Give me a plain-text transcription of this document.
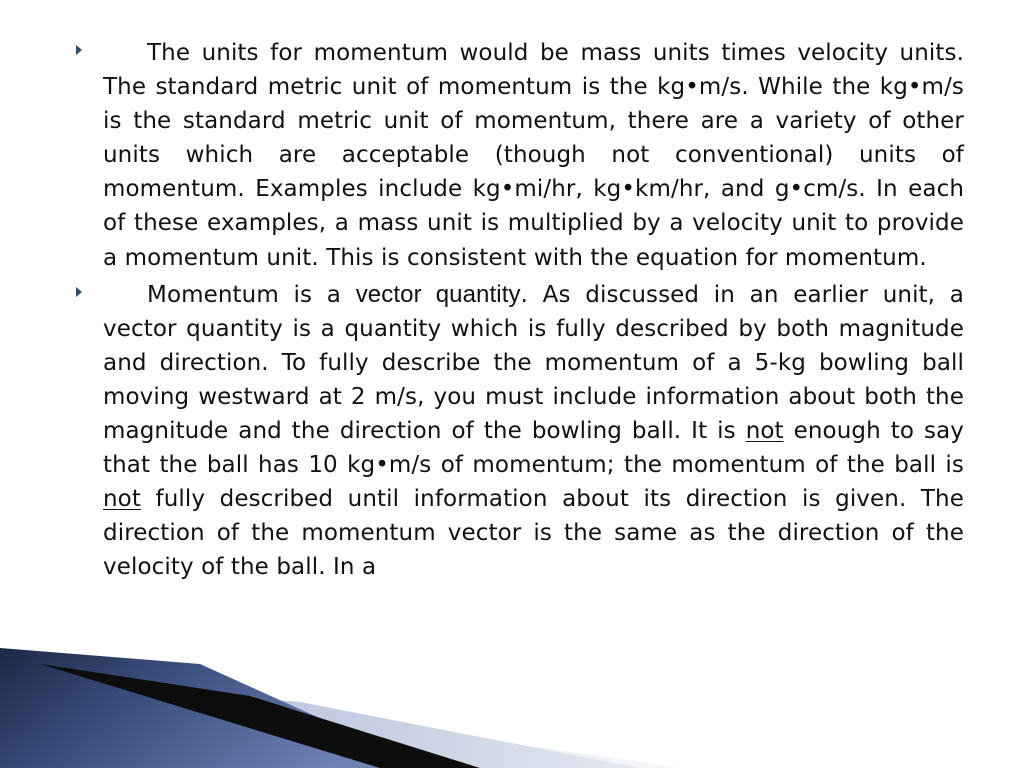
The units for momentum would be mass units times velocity units. The standard metric unit of momentum is the kg•m/s. While the kg•m/s is the standard metric unit of momentum, there are a variety of other units which are acceptable (though not conventional) units of momentum. Examples include kg•mi/hr, kg•km/hr, and g•cm/s. In each of these examples, a mass unit is multiplied by a velocity unit to provide a momentum unit. This is consistent with the equation for momentum.

Momentum is a vector quantity. As discussed in an earlier unit, a vector quantity is a quantity which is fully described by both magnitude and direction. To fully describe the momentum of a 5-kg bowling ball moving westward at 2 m/s, you must include information about both the magnitude and the direction of the bowling ball. It is not enough to say that the ball has 10 kg•m/s of momentum; the momentum of the ball is not fully described until information about its direction is given. The direction of the momentum vector is the same as the direction of the velocity of the ball. In a
